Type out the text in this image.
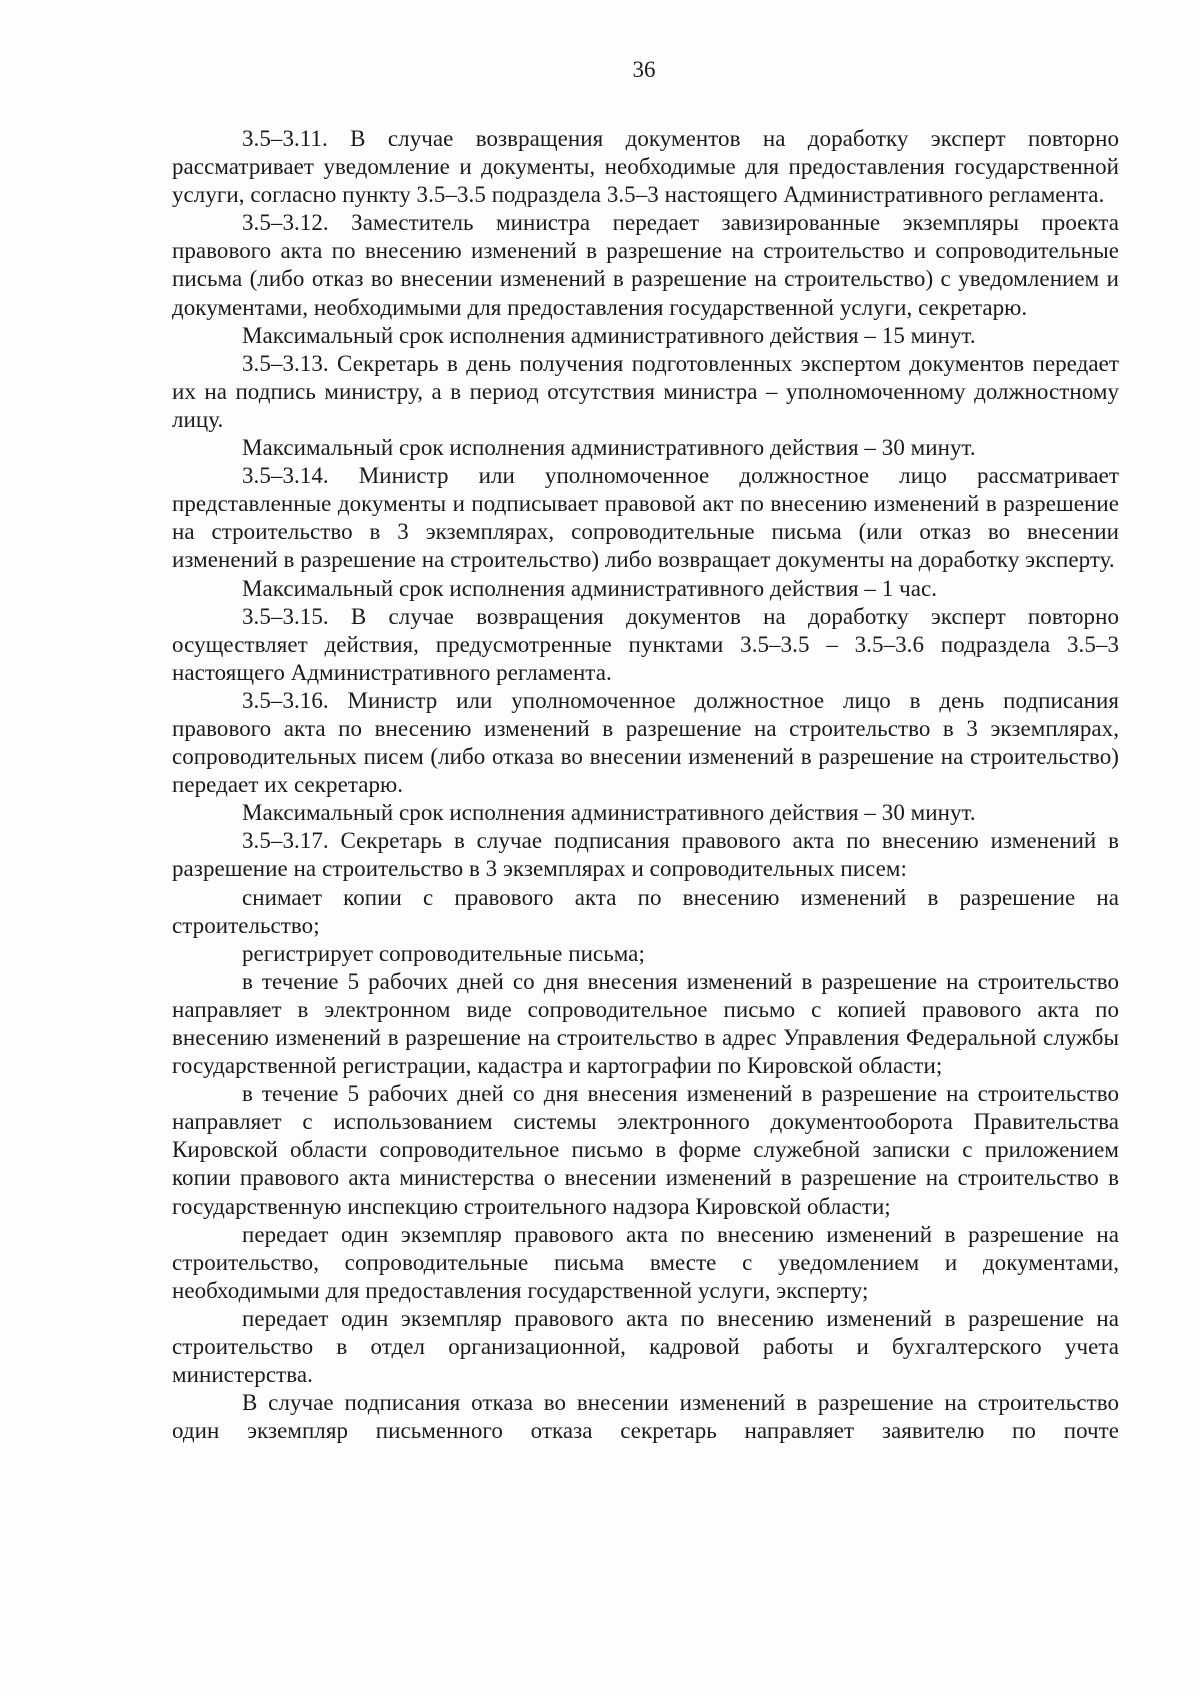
36

3.5–3.11. В случае возвращения документов на доработку эксперт повторно рассматривает уведомление и документы, необходимые для предоставления государственной услуги, согласно пункту 3.5–3.5 подраздела 3.5–3 настоящего Административного регламента.

3.5–3.12. Заместитель министра передает завизированные экземпляры проекта правового акта по внесению изменений в разрешение на строительство и сопроводительные письма (либо отказ во внесении изменений в разрешение на строительство) с уведомлением и документами, необходимыми для предоставления государственной услуги, секретарю.

Максимальный срок исполнения административного действия – 15 минут.

3.5–3.13. Секретарь в день получения подготовленных экспертом документов передает их на подпись министру, а в период отсутствия министра – уполномоченному должностному лицу.

Максимальный срок исполнения административного действия – 30 минут.

3.5–3.14. Министр или уполномоченное должностное лицо рассматривает представленные документы и подписывает правовой акт по внесению изменений в разрешение на строительство в 3 экземплярах, сопроводительные письма (или отказ во внесении изменений в разрешение на строительство) либо возвращает документы на доработку эксперту.

Максимальный срок исполнения административного действия – 1 час.

3.5–3.15. В случае возвращения документов на доработку эксперт повторно осуществляет действия, предусмотренные пунктами 3.5–3.5 – 3.5–3.6 подраздела 3.5–3 настоящего Административного регламента.

3.5–3.16. Министр или уполномоченное должностное лицо в день подписания правового акта по внесению изменений в разрешение на строительство в 3 экземплярах, сопроводительных писем (либо отказа во внесении изменений в разрешение на строительство) передает их секретарю.

Максимальный срок исполнения административного действия – 30 минут.

3.5–3.17. Секретарь в случае подписания правового акта по внесению изменений в разрешение на строительство в 3 экземплярах и сопроводительных писем:

снимает копии с правового акта по внесению изменений в разрешение на строительство;

регистрирует сопроводительные письма;

в течение 5 рабочих дней со дня внесения изменений в разрешение на строительство направляет в электронном виде сопроводительное письмо с копией правового акта по внесению изменений в разрешение на строительство в адрес Управления Федеральной службы государственной регистрации, кадастра и картографии по Кировской области;

в течение 5 рабочих дней со дня внесения изменений в разрешение на строительство направляет с использованием системы электронного документооборота Правительства Кировской области сопроводительное письмо в форме служебной записки с приложением копии правового акта министерства о внесении изменений в разрешение на строительство в государственную инспекцию строительного надзора Кировской области;

передает один экземпляр правового акта по внесению изменений в разрешение на строительство, сопроводительные письма вместе с уведомлением и документами, необходимыми для предоставления государственной услуги, эксперту;

передает один экземпляр правового акта по внесению изменений в разрешение на строительство в отдел организационной, кадровой работы и бухгалтерского учета министерства.

В случае подписания отказа во внесении изменений в разрешение на строительство один экземпляр письменного отказа секретарь направляет заявителю по почте
